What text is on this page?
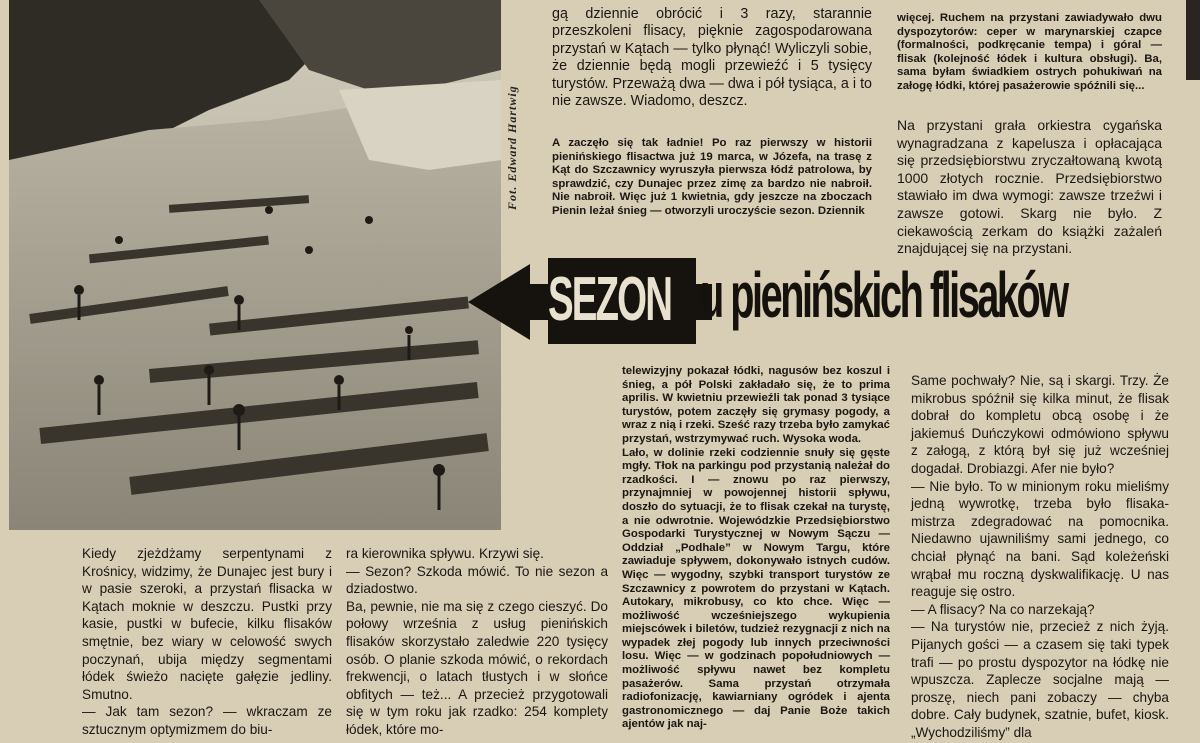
Fot. Edward Hartwig
gą dziennie obrócić i 3 razy, starannie przeszkoleni flisacy, pięknie zagospodarowana przystań w Kątach — tylko płynąć! Wyliczyli sobie, że dziennie będą mogli przewieźć i 5 tysięcy turystów. Przeważą dwa — dwa i pół tysiąca, a i to nie zawsze. Wiadomo, deszcz.
A zaczęło się tak ładnie! Po raz pierwszy w historii pienińskiego flisactwa już 19 marca, w Józefa, na trasę z Kąt do Szczawnicy wyruszyła pierwsza łódź patrolowa, by sprawdzić, czy Dunajec przez zimę za bardzo nie nabroił. Nie nabroił. Więc już 1 kwietnia, gdy jeszcze na zboczach Pienin leżał śnieg — otworzyli uroczyście sezon. Dziennik
więcej. Ruchem na przystani zawiadywało dwu dyspozytorów: ceper w marynarskiej czapce (formalności, podkręcanie tempa) i góral — flisak (kolejność łódek i kultura obsługi). Ba, sama byłam świadkiem ostrych pohukiwań na załogę łódki, której pasażerowie spóźnili się...
Na przystani grała orkiestra cygańska wynagradzana z kapelusza i opłacająca się przedsiębiorstwu zryczałtowaną kwotą 1000 złotych rocznie. Przedsiębiorstwo stawiało im dwa wymogi: zawsze trzeźwi i zawsze gotowi. Skarg nie było. Z ciekawością zerkam do książki zażaleń znajdującej się na przystani.
SEZON u pienińskich flisaków
telewizyjny pokazał łódki, nagusów bez koszul i śnieg, a pół Polski zakładało się, że to prima aprilis. W kwietniu przewieźli tak ponad 3 tysiące turystów, potem zaczęły się grymasy pogody, a wraz z nią i rzeki. Sześć razy trzeba było zamykać przystań, wstrzymywać ruch. Wysoka woda.
Lało, w dolinie rzeki codziennie snuły się gęste mgły. Tłok na parkingu pod przystanią należał do rzadkości. I — znowu po raz pierwszy, przynajmniej w powojennej historii spływu, doszło do sytuacji, że to flisak czekał na turystę, a nie odwrotnie. Wojewódzkie Przedsiębiorstwo Gospodarki Turystycznej w Nowym Sączu — Oddział „Podhale” w Nowym Targu, które zawiaduje spływem, dokonywało istnych cudów. Więc — wygodny, szybki transport turystów ze Szczawnicy z powrotem do przystani w Kątach. Autokary, mikrobusy, co kto chce. Więc — możliwość wcześniejszego wykupienia miejscówek i biletów, tudzież rezygnacji z nich na wypadek złej pogody lub innych przeciwności losu. Więc — w godzinach popołudniowych — możliwość spływu nawet bez kompletu pasażerów. Sama przystań otrzymała radiofonizację, kawiarniany ogródek i ajenta gastronomicznego — daj Panie Boże takich ajentów jak naj-
Same pochwały? Nie, są i skargi. Trzy. Że mikrobus spóźnił się kilka minut, że flisak dobrał do kompletu obcą osobę i że jakiemuś Duńczykowi odmówiono spływu z załogą, z którą był się już wcześniej dogadał. Drobiazgi. Afer nie było?
— Nie było. To w minionym roku mieliśmy jedną wywrotkę, trzeba było flisaka-mistrza zdegradować na pomocnika. Niedawno ujawniliśmy sami jednego, co chciał płynąć na bani. Sąd koleżeński wrąbał mu roczną dyskwalifikację. U nas reaguje się ostro.
— A flisacy? Na co narzekają?
— Na turystów nie, przecież z nich żyją. Pijanych gości — a czasem się taki typek trafi — po prostu dyspozytor na łódkę nie wpuszcza. Zaplecze socjalne mają — proszę, niech pani zobaczy — chyba dobre. Cały budynek, szatnie, bufet, kiosk. „Wychodziliśmy” dla
Kiedy zjeżdżamy serpentynami z Krośnicy, widzimy, że Dunajec jest bury i w pasie szeroki, a przystań flisacka w Kątach moknie w deszczu. Pustki przy kasie, pustki w bufecie, kilku flisaków smętnie, bez wiary w celowość swych poczynań, ubija między segmentami łódek świeżo nacięte gałęzie jedliny. Smutno.
— Jak tam sezon? — wkraczam ze sztucznym optymizmem do biu-
ra kierownika spływu. Krzywi się.
— Sezon? Szkoda mówić. To nie sezon a dziadostwo.
Ba, pewnie, nie ma się z czego cieszyć. Do połowy września z usług pienińskich flisaków skorzystało zaledwie 220 tysięcy osób. O planie szkoda mówić, o rekordach frekwencji, o latach tłustych i w słońce obfitych — też... A przecież przygotowali się w tym roku jak rzadko: 254 komplety łódek, które mo-
